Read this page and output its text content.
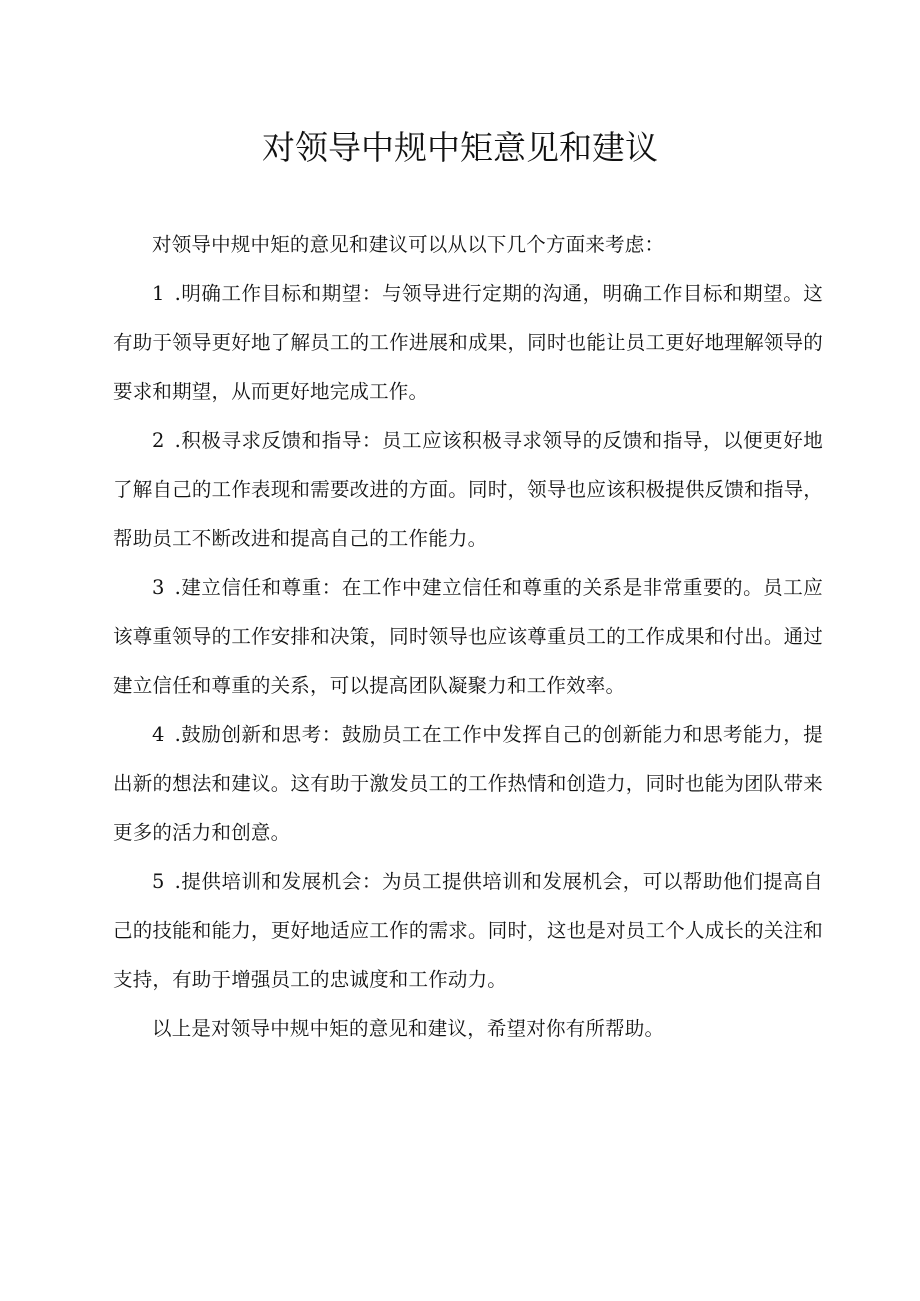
对领导中规中矩意见和建议

对领导中规中矩的意见和建议可以从以下几个方面来考虑：

1 .明确工作目标和期望：与领导进行定期的沟通，明确工作目标和期望。这有助于领导更好地了解员工的工作进展和成果，同时也能让员工更好地理解领导的要求和期望，从而更好地完成工作。

2 .积极寻求反馈和指导：员工应该积极寻求领导的反馈和指导，以便更好地了解自己的工作表现和需要改进的方面。同时，领导也应该积极提供反馈和指导，帮助员工不断改进和提高自己的工作能力。

3 .建立信任和尊重：在工作中建立信任和尊重的关系是非常重要的。员工应该尊重领导的工作安排和决策，同时领导也应该尊重员工的工作成果和付出。通过建立信任和尊重的关系，可以提高团队凝聚力和工作效率。

4 .鼓励创新和思考：鼓励员工在工作中发挥自己的创新能力和思考能力，提出新的想法和建议。这有助于激发员工的工作热情和创造力，同时也能为团队带来更多的活力和创意。

5 .提供培训和发展机会：为员工提供培训和发展机会，可以帮助他们提高自己的技能和能力，更好地适应工作的需求。同时，这也是对员工个人成长的关注和支持，有助于增强员工的忠诚度和工作动力。

以上是对领导中规中矩的意见和建议，希望对你有所帮助。
